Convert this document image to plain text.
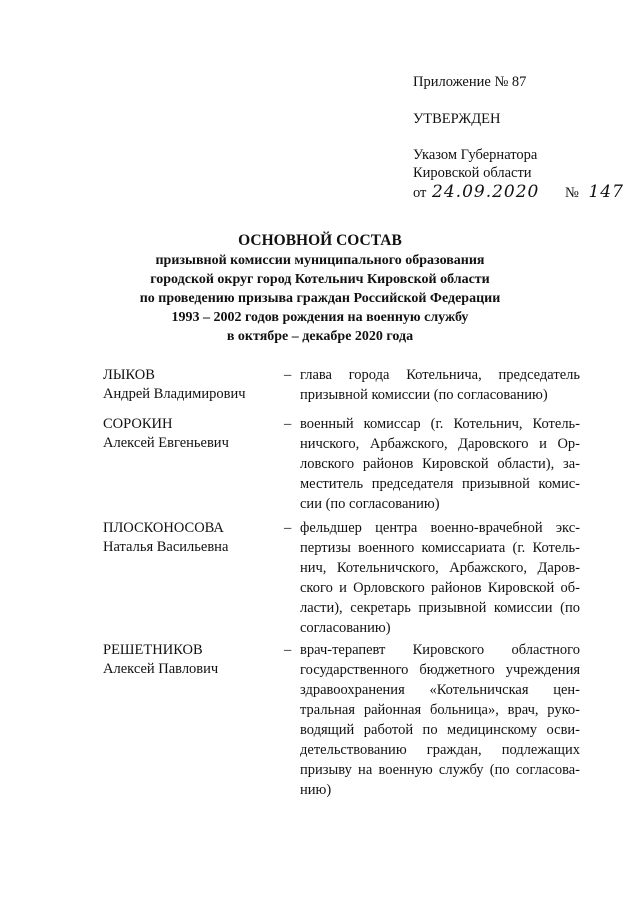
Приложение № 87
УТВЕРЖДЕН
Указом Губернатора
Кировской области
от 24.09.2020 № 147
ОСНОВНОЙ СОСТАВ
призывной комиссии муниципального образования
городской округ город Котельнич Кировской области
по проведению призыва граждан Российской Федерации
1993 – 2002 годов рождения на военную службу
в октябре – декабре 2020 года
ЛЫКОВ
Андрей Владимирович
– глава города Котельнича, председатель
призывной комиссии (по согласованию)
СОРОКИН
Алексей Евгеньевич
– военный комиссар (г. Котельнич, Котель-
ничского, Арбажского, Даровского и Ор-
ловского районов Кировской области), за-
меститель председателя призывной комис-
сии (по согласованию)
ПЛОСКОНОСОВА
Наталья Васильевна
– фельдшер центра военно-врачебной экс-
пертизы военного комиссариата (г. Котель-
нич, Котельничского, Арбажского, Даров-
ского и Орловского районов Кировской об-
ласти), секретарь призывной комиссии (по
согласованию)
РЕШЕТНИКОВ
Алексей Павлович
– врач-терапевт Кировского областного
государственного бюджетного учреждения
здравоохранения «Котельничская цен-
тральная районная больница», врач, руко-
водящий работой по медицинскому осви-
детельствованию граждан, подлежащих
призыву на военную службу (по согласова-
нию)
